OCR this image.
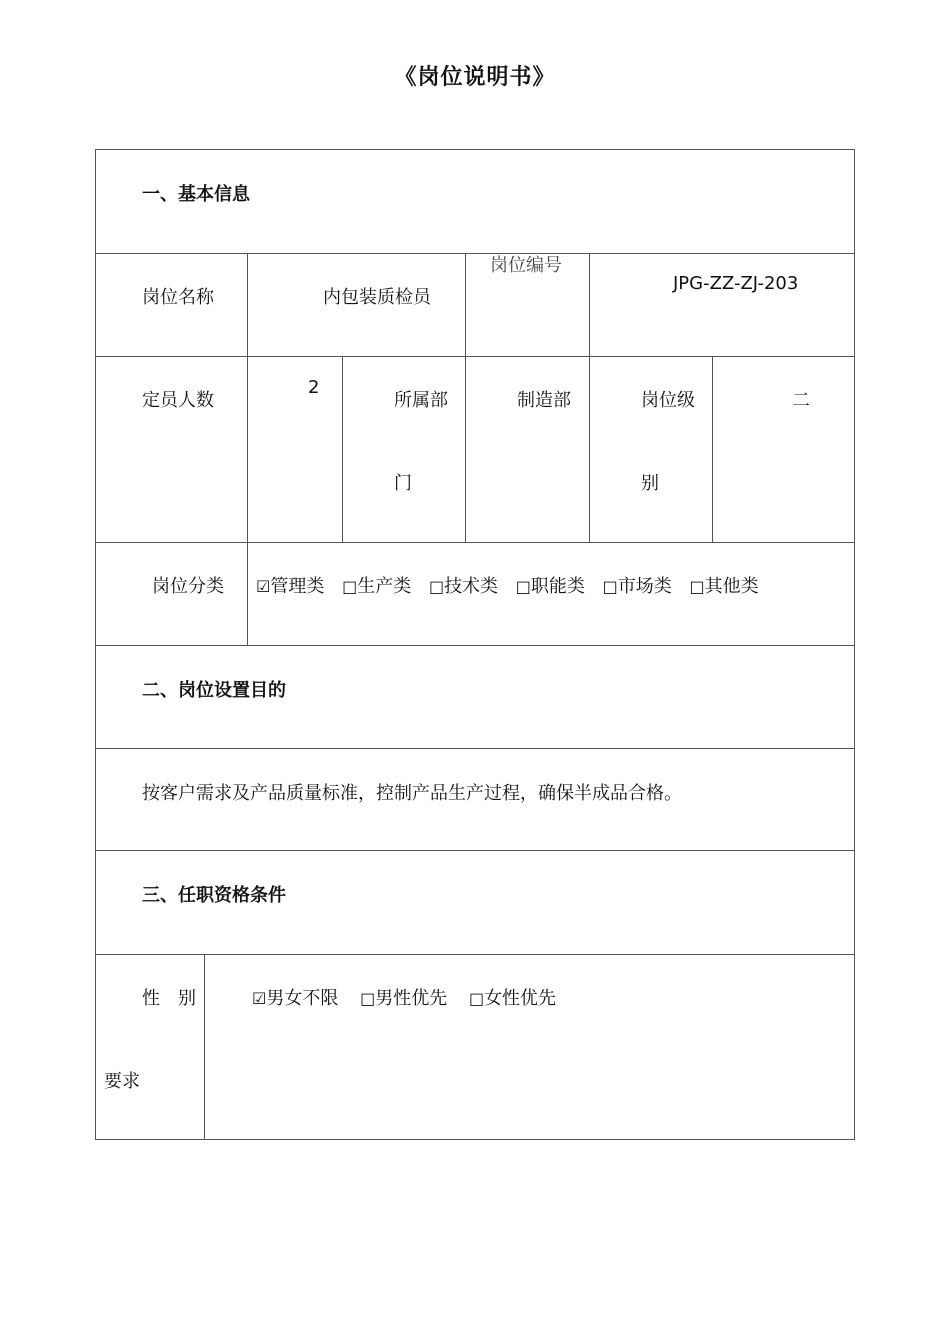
《岗位说明书》
一、基本信息
岗位名称	内包装质检员
岗位编号
JPG-ZZ-ZJ-203
定员人数
2
所属部
门
制造部	岗位级
别
二
岗位分类 ☑管理类 □生产类 □技术类 □职能类 □市场类 □其他类
二、岗位设置目的
按客户需求及产品质量标准，控制产品生产过程，确保半成品合格。
三、任职资格条件
性　别
要求
☑男女不限 □男性优先 □女性优先
